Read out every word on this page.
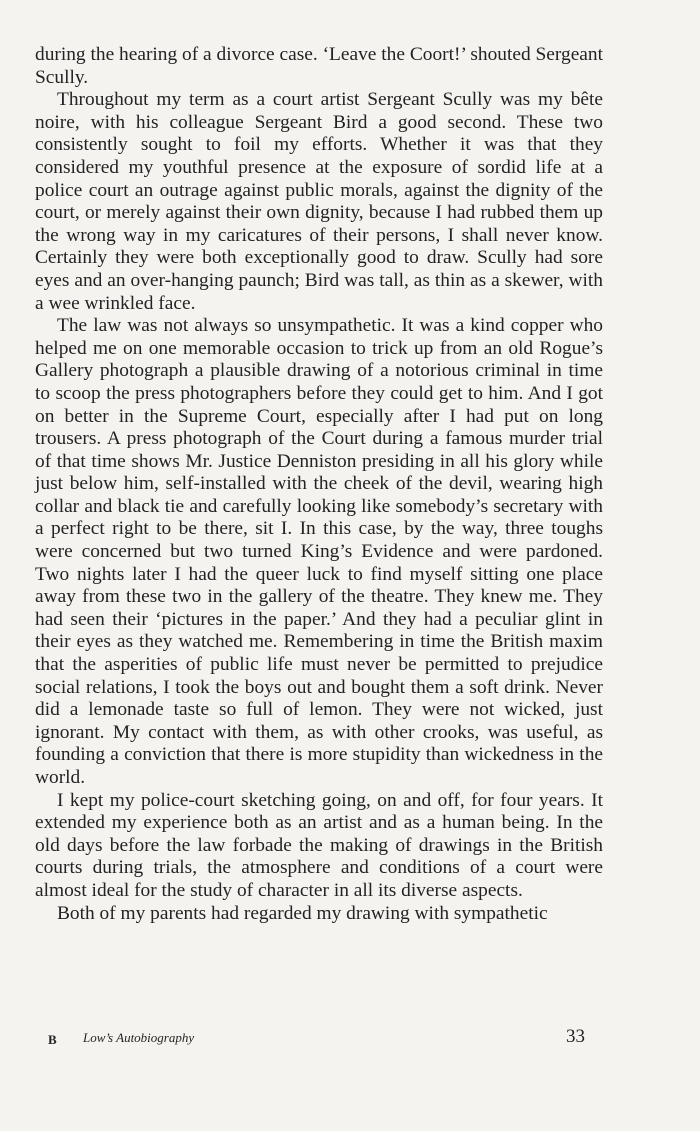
during the hearing of a divorce case. ‘Leave the Coort!’ shouted Sergeant Scully.

Throughout my term as a court artist Sergeant Scully was my bête noire, with his colleague Sergeant Bird a good second. These two consistently sought to foil my efforts. Whether it was that they considered my youthful presence at the exposure of sordid life at a police court an outrage against public morals, against the dignity of the court, or merely against their own dignity, because I had rubbed them up the wrong way in my caricatures of their persons, I shall never know. Certainly they were both exceptionally good to draw. Scully had sore eyes and an over-hanging paunch; Bird was tall, as thin as a skewer, with a wee wrinkled face.

The law was not always so unsympathetic. It was a kind copper who helped me on one memorable occasion to trick up from an old Rogue’s Gallery photograph a plausible drawing of a notorious criminal in time to scoop the press photographers before they could get to him. And I got on better in the Supreme Court, especially after I had put on long trousers. A press photograph of the Court during a famous murder trial of that time shows Mr. Justice Denniston presiding in all his glory while just below him, self-installed with the cheek of the devil, wearing high collar and black tie and carefully looking like somebody’s secretary with a perfect right to be there, sit I. In this case, by the way, three toughs were concerned but two turned King’s Evidence and were pardoned. Two nights later I had the queer luck to find myself sitting one place away from these two in the gallery of the theatre. They knew me. They had seen their ‘pictures in the paper.’ And they had a peculiar glint in their eyes as they watched me. Remembering in time the British maxim that the asperities of public life must never be permitted to prejudice social relations, I took the boys out and bought them a soft drink. Never did a lemonade taste so full of lemon. They were not wicked, just ignorant. My contact with them, as with other crooks, was useful, as founding a conviction that there is more stupidity than wickedness in the world.

I kept my police-court sketching going, on and off, for four years. It extended my experience both as an artist and as a human being. In the old days before the law forbade the making of drawings in the British courts during trials, the atmosphere and conditions of a court were almost ideal for the study of character in all its diverse aspects.

Both of my parents had regarded my drawing with sympathetic

B Low’s Autobiography	33
